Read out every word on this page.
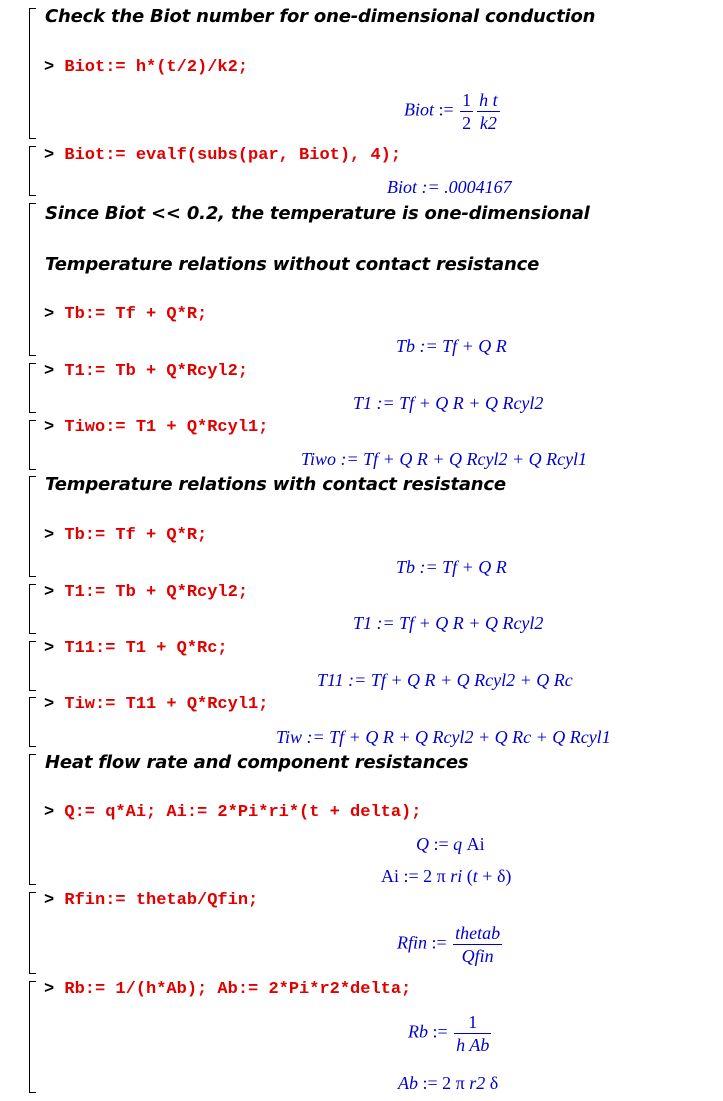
Check the Biot number for one-dimensional conduction
> Biot:= h*(t/2)/k2;
Biot := $\frac{1}{2} \frac{\text{h t}}{k2}$
> Biot:= evalf(subs(par, Biot), 4);
Biot := .0004167
Since Biot << 0.2, the temperature is one-dimensional
Temperature relations without contact resistance
> Tb:= Tf + Q*R;
Tb := Tf + Q R
> T1:= Tb + Q*Rcyl2;
T1 := Tf + Q R + Q Rcyl2
> Tiwo:= T1 + Q*Rcyl1;
Tiwo := Tf + Q R + Q Rcyl2 + Q Rcyl1
Temperature relations with contact resistance
> Tb:= Tf + Q*R;
Tb := Tf + Q R
> T1:= Tb + Q*Rcyl2;
T1 := Tf + Q R + Q Rcyl2
> T11:= T1 + Q*Rc;
T11 := Tf + Q R + Q Rcyl2 + Q Rc
> Tiw:= T11 + Q*Rcyl1;
Tiw := Tf + Q R + Q Rcyl2 + Q Rc + Q Rcyl1
Heat flow rate and component resistances
> Q:= q*Ai; Ai:= 2*Pi*ri*(t + delta);
Q := q Ai
Ai := 2 π ri (t + δ)
> Rfin:= thetab/Qfin;
Rfin := $\frac{\text{thetab}}{\text{Qfin}}$
> Rb:= 1/(h*Ab); Ab:= 2*Pi*r2*delta;
Rb := $\frac{1}{\text{h Ab}}$
Ab := 2 π r2 δ
